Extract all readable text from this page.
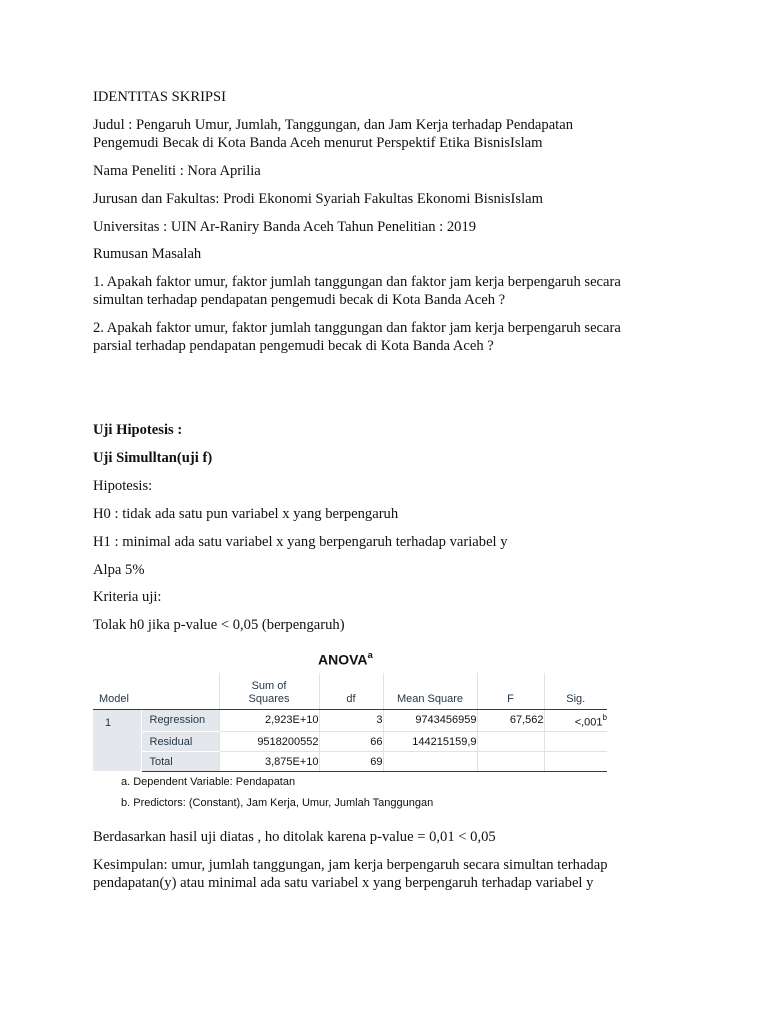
IDENTITAS SKRIPSI

Judul : Pengaruh Umur, Jumlah, Tanggungan, dan Jam Kerja terhadap Pendapatan
Pengemudi Becak di Kota Banda Aceh menurut Perspektif Etika BisnisIslam

Nama Peneliti : Nora Aprilia

Jurusan dan Fakultas: Prodi Ekonomi Syariah Fakultas Ekonomi BisnisIslam

Universitas : UIN Ar-Raniry Banda Aceh Tahun Penelitian : 2019

Rumusan Masalah

1. Apakah faktor umur, faktor jumlah tanggungan dan faktor jam kerja berpengaruh secara
simultan terhadap pendapatan pengemudi becak di Kota Banda Aceh ?
2. Apakah faktor umur, faktor jumlah tanggungan dan faktor jam kerja berpengaruh secara
parsial terhadap pendapatan pengemudi becak di Kota Banda Aceh ?

Uji Hipotesis :

Uji Simulltan(uji f)

Hipotesis:

H0 : tidak ada satu pun variabel x yang berpengaruh

H1 : minimal ada satu variabel x yang berpengaruh terhadap variabel y

Alpa 5%

Kriteria uji:

Tolak h0 jika p-value < 0,05 (berpengaruh)

ANOVA$^a$
Model		Sum of
Squares	df	Mean Square	F	Sig.
1	Regression	2,923E+10	3	9743456959	67,562	<,001$^b$
	Residual	9518200552	66	144215159,9		
	Total	3,875E+10	69			
a. Dependent Variable: Pendapatan
b. Predictors: (Constant), Jam Kerja, Umur, Jumlah Tanggungan

Berdasarkan hasil uji diatas , ho ditolak karena p-value = 0,01 < 0,05

Kesimpulan: umur, jumlah tanggungan, jam kerja berpengaruh secara simultan terhadap
pendapatan(y) atau minimal ada satu variabel x yang berpengaruh terhadap variabel y
